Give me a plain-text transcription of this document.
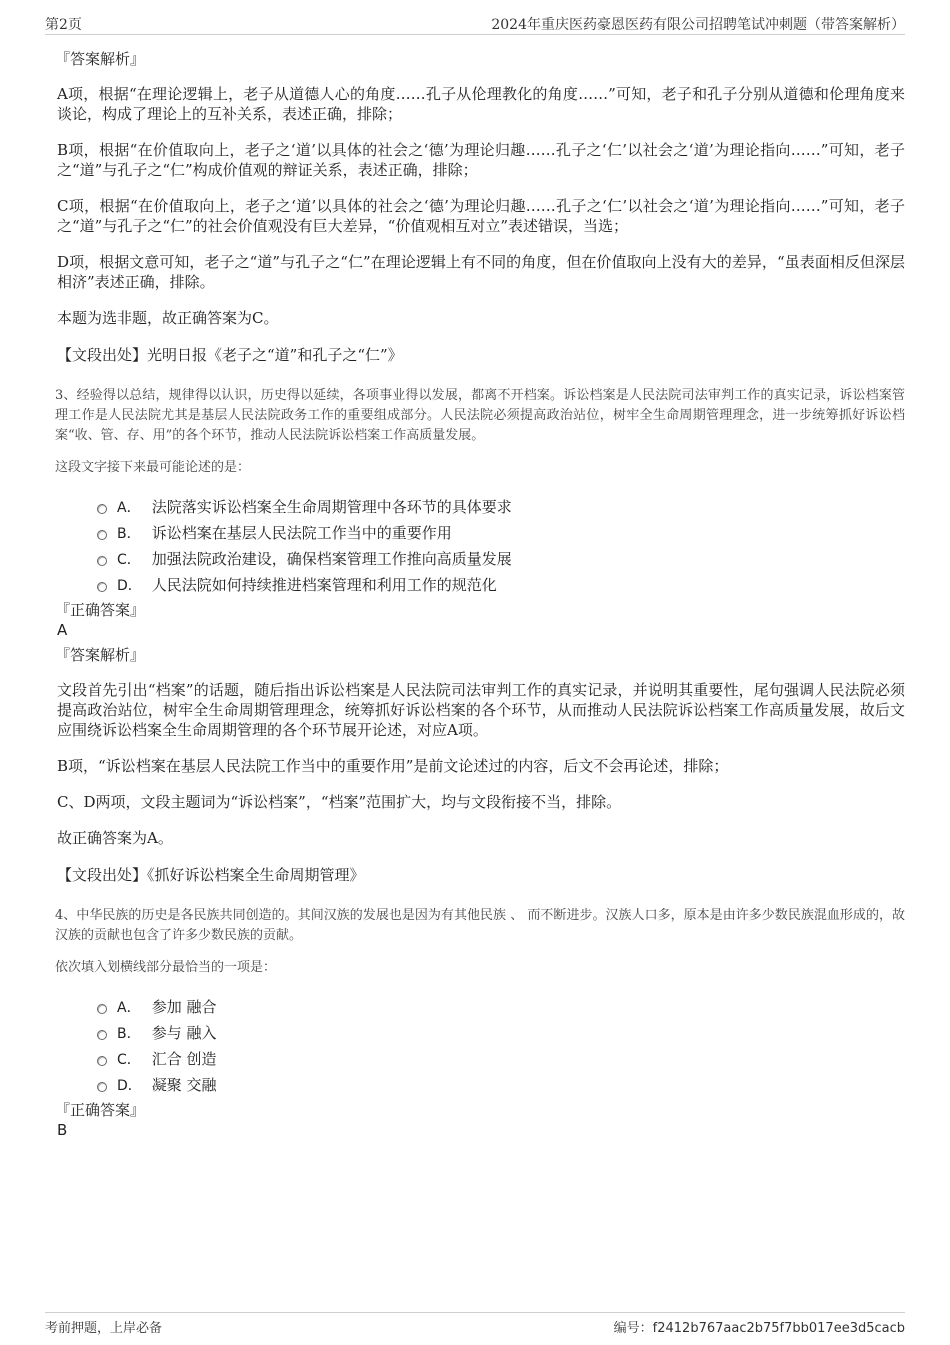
第2页	2024年重庆医药豪恩医药有限公司招聘笔试冲刺题（带答案解析）
『答案解析』

A项，根据“在理论逻辑上，老子从道德人心的角度……孔子从伦理教化的角度……”可知，老子和孔子分别从道德和伦理角度来谈论，构成了理论上的互补关系，表述正确，排除；

B项，根据“在价值取向上，老子之‘道’以具体的社会之‘德’为理论归趣……孔子之‘仁’以社会之‘道’为理论指向……”可知，老子之“道”与孔子之“仁”构成价值观的辩证关系，表述正确，排除；

C项，根据“在价值取向上，老子之‘道’以具体的社会之‘德’为理论归趣……孔子之‘仁’以社会之‘道’为理论指向……”可知，老子之“道”与孔子之“仁”的社会价值观没有巨大差异，“价值观相互对立”表述错误，当选；

D项，根据文意可知，老子之“道”与孔子之“仁”在理论逻辑上有不同的角度，但在价值取向上没有大的差异，“虽表面相反但深层相济”表述正确，排除。

本题为选非题，故正确答案为C。

【文段出处】光明日报《老子之“道”和孔子之“仁”》

3、经验得以总结，规律得以认识，历史得以延续，各项事业得以发展，都离不开档案。诉讼档案是人民法院司法审判工作的真实记录，诉讼档案管理工作是人民法院尤其是基层人民法院政务工作的重要组成部分。人民法院必须提高政治站位，树牢全生命周期管理理念，进一步统筹抓好诉讼档案“收、管、存、用”的各个环节，推动人民法院诉讼档案工作高质量发展。

这段文字接下来最可能论述的是：

A． 法院落实诉讼档案全生命周期管理中各环节的具体要求
B． 诉讼档案在基层人民法院工作当中的重要作用
C． 加强法院政治建设，确保档案管理工作推向高质量发展
D． 人民法院如何持续推进档案管理和利用工作的规范化

『正确答案』

A

『答案解析』

文段首先引出“档案”的话题，随后指出诉讼档案是人民法院司法审判工作的真实记录，并说明其重要性，尾句强调人民法院必须提高政治站位，树牢全生命周期管理理念，统筹抓好诉讼档案的各个环节，从而推动人民法院诉讼档案工作高质量发展，故后文应围绕诉讼档案全生命周期管理的各个环节展开论述，对应A项。

B项，“诉讼档案在基层人民法院工作当中的重要作用”是前文论述过的内容，后文不会再论述，排除；

C、D两项，文段主题词为“诉讼档案”，“档案”范围扩大，均与文段衔接不当，排除。

故正确答案为A。

【文段出处】《抓好诉讼档案全生命周期管理》

4、中华民族的历史是各民族共同创造的。其间汉族的发展也是因为有其他民族 、 而不断进步。汉族人口多，原本是由许多少数民族混血形成的，故汉族的贡献也包含了许多少数民族的贡献。

依次填入划横线部分最恰当的一项是：

A． 参加 融合
B． 参与 融入
C． 汇合 创造
D． 凝聚 交融

『正确答案』

B

考前押题，上岸必备	编号：f2412b767aac2b75f7bb017ee3d5cacb
